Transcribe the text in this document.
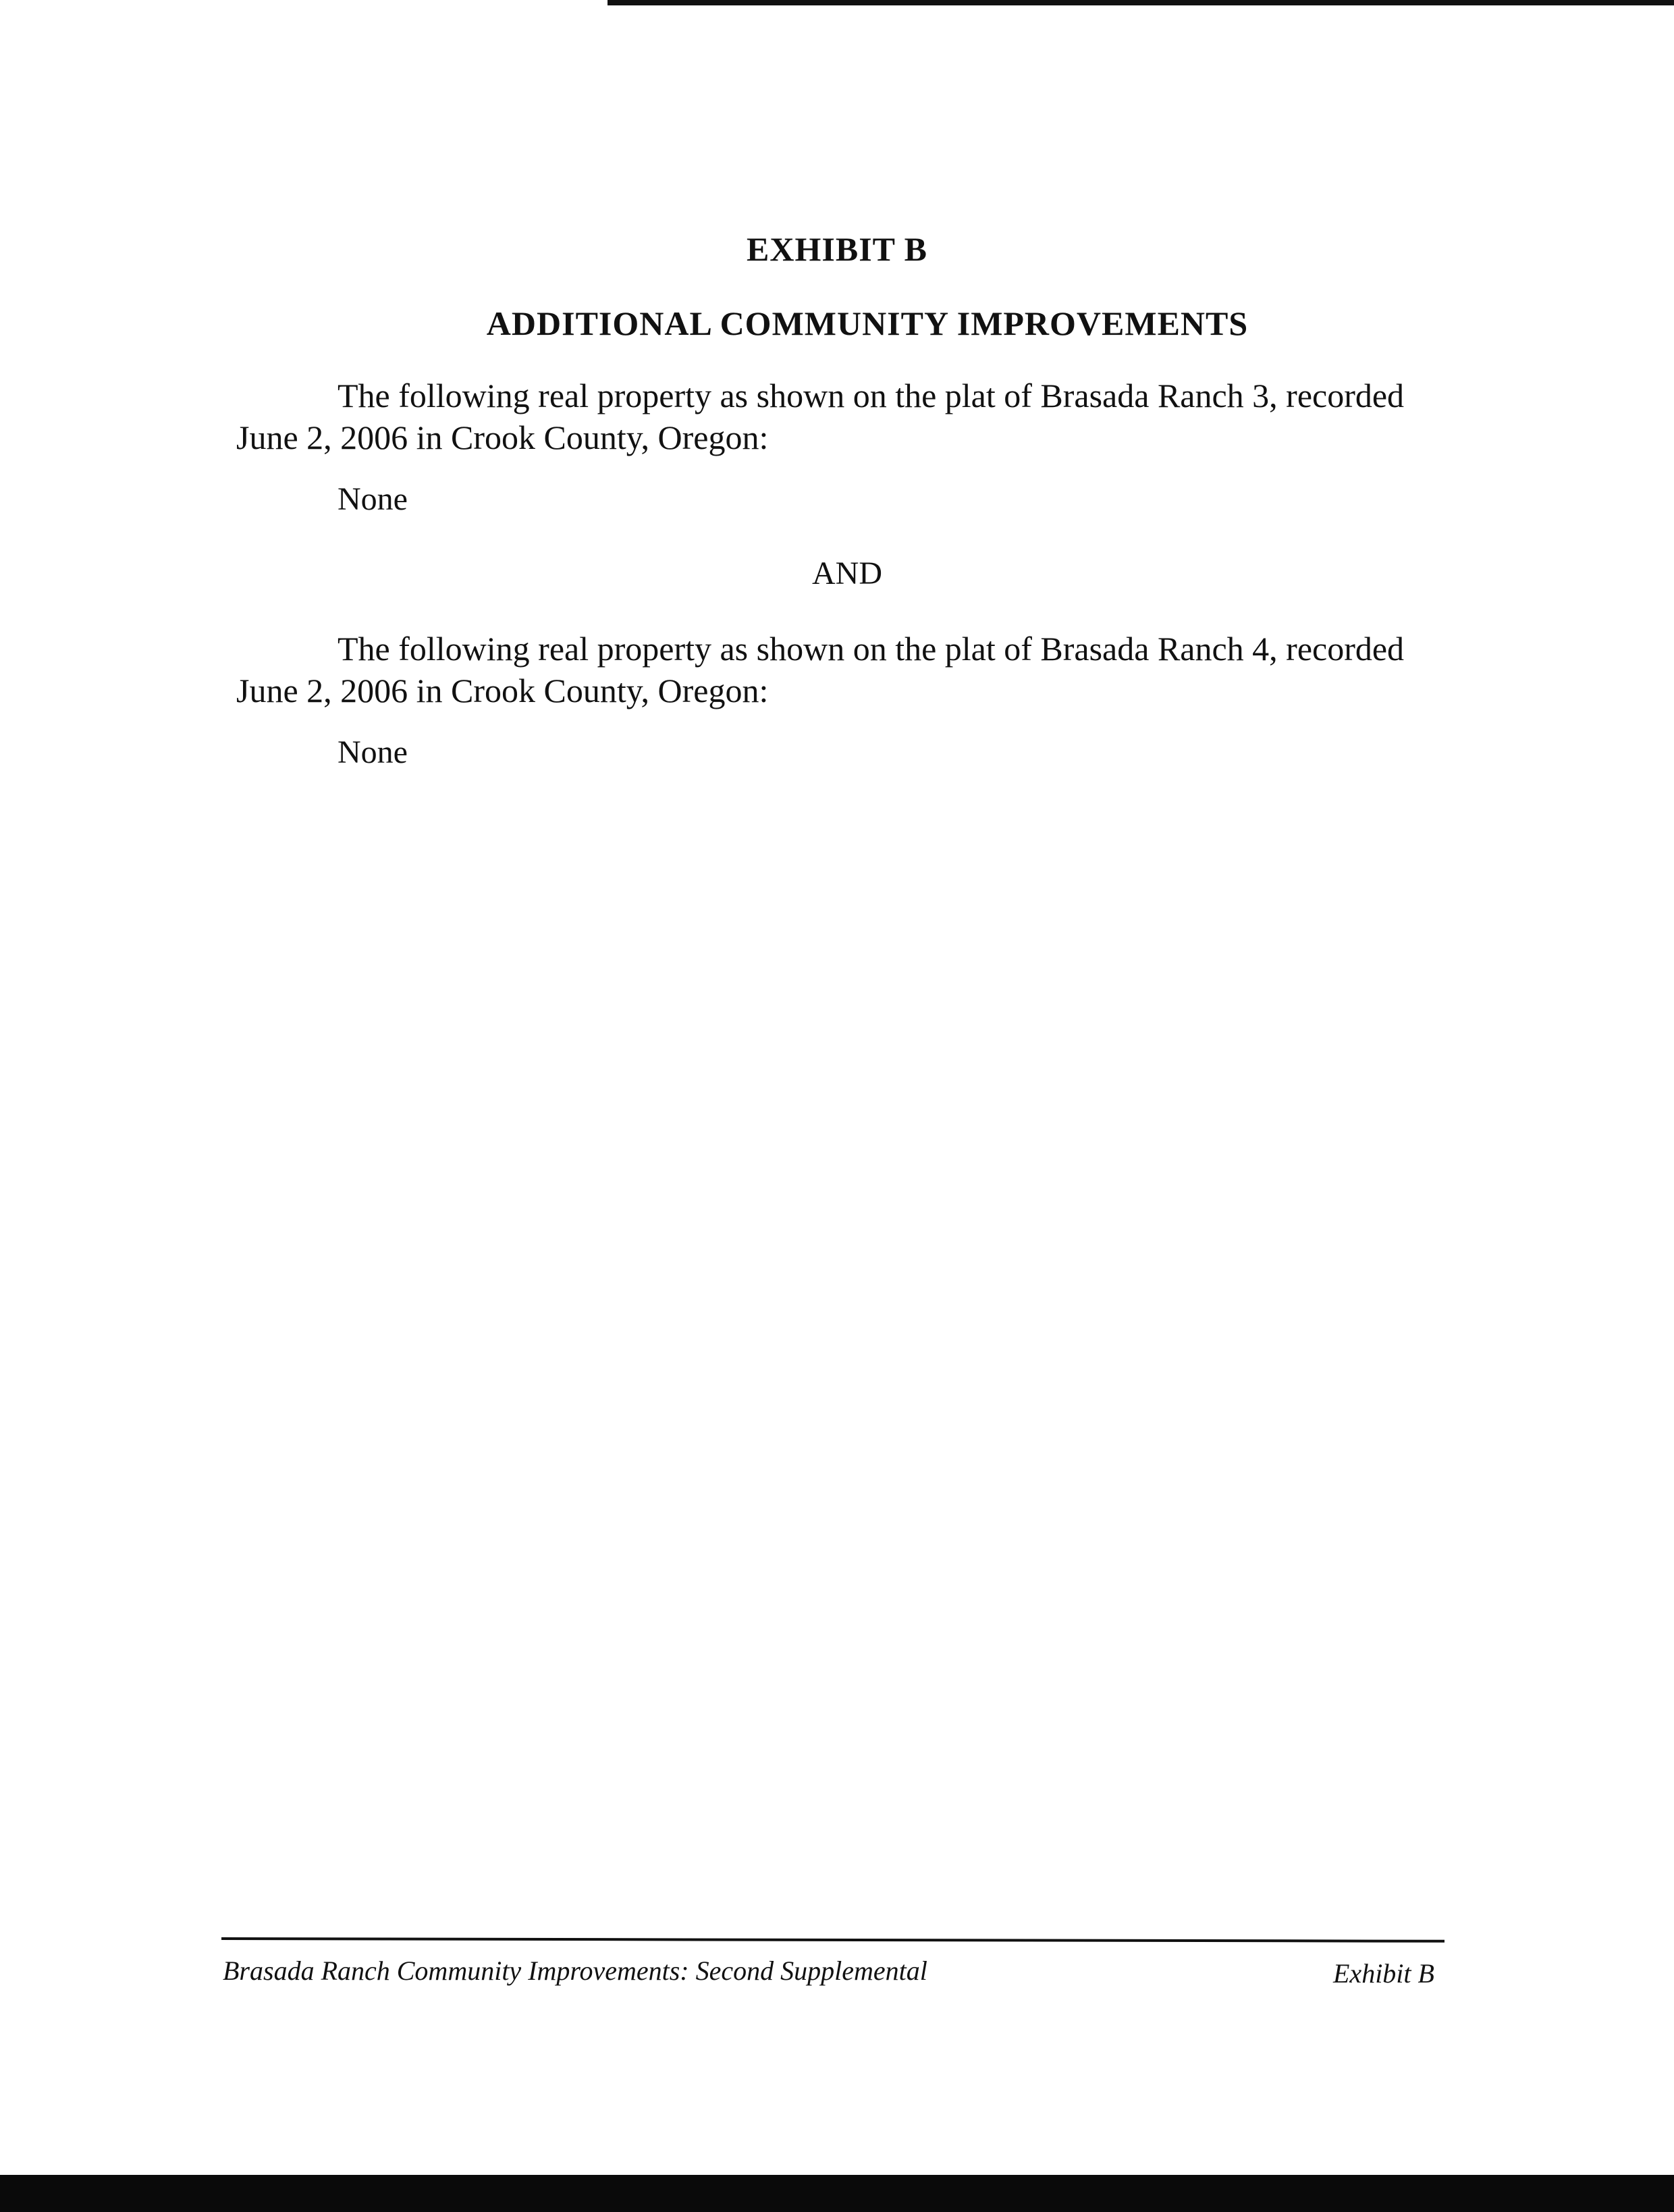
EXHIBIT B
ADDITIONAL COMMUNITY IMPROVEMENTS
The following real property as shown on the plat of Brasada Ranch 3, recorded June 2, 2006 in Crook County, Oregon:
None
AND
The following real property as shown on the plat of Brasada Ranch 4, recorded June 2, 2006 in Crook County, Oregon:
None
Brasada Ranch Community Improvements: Second Supplemental	Exhibit B
